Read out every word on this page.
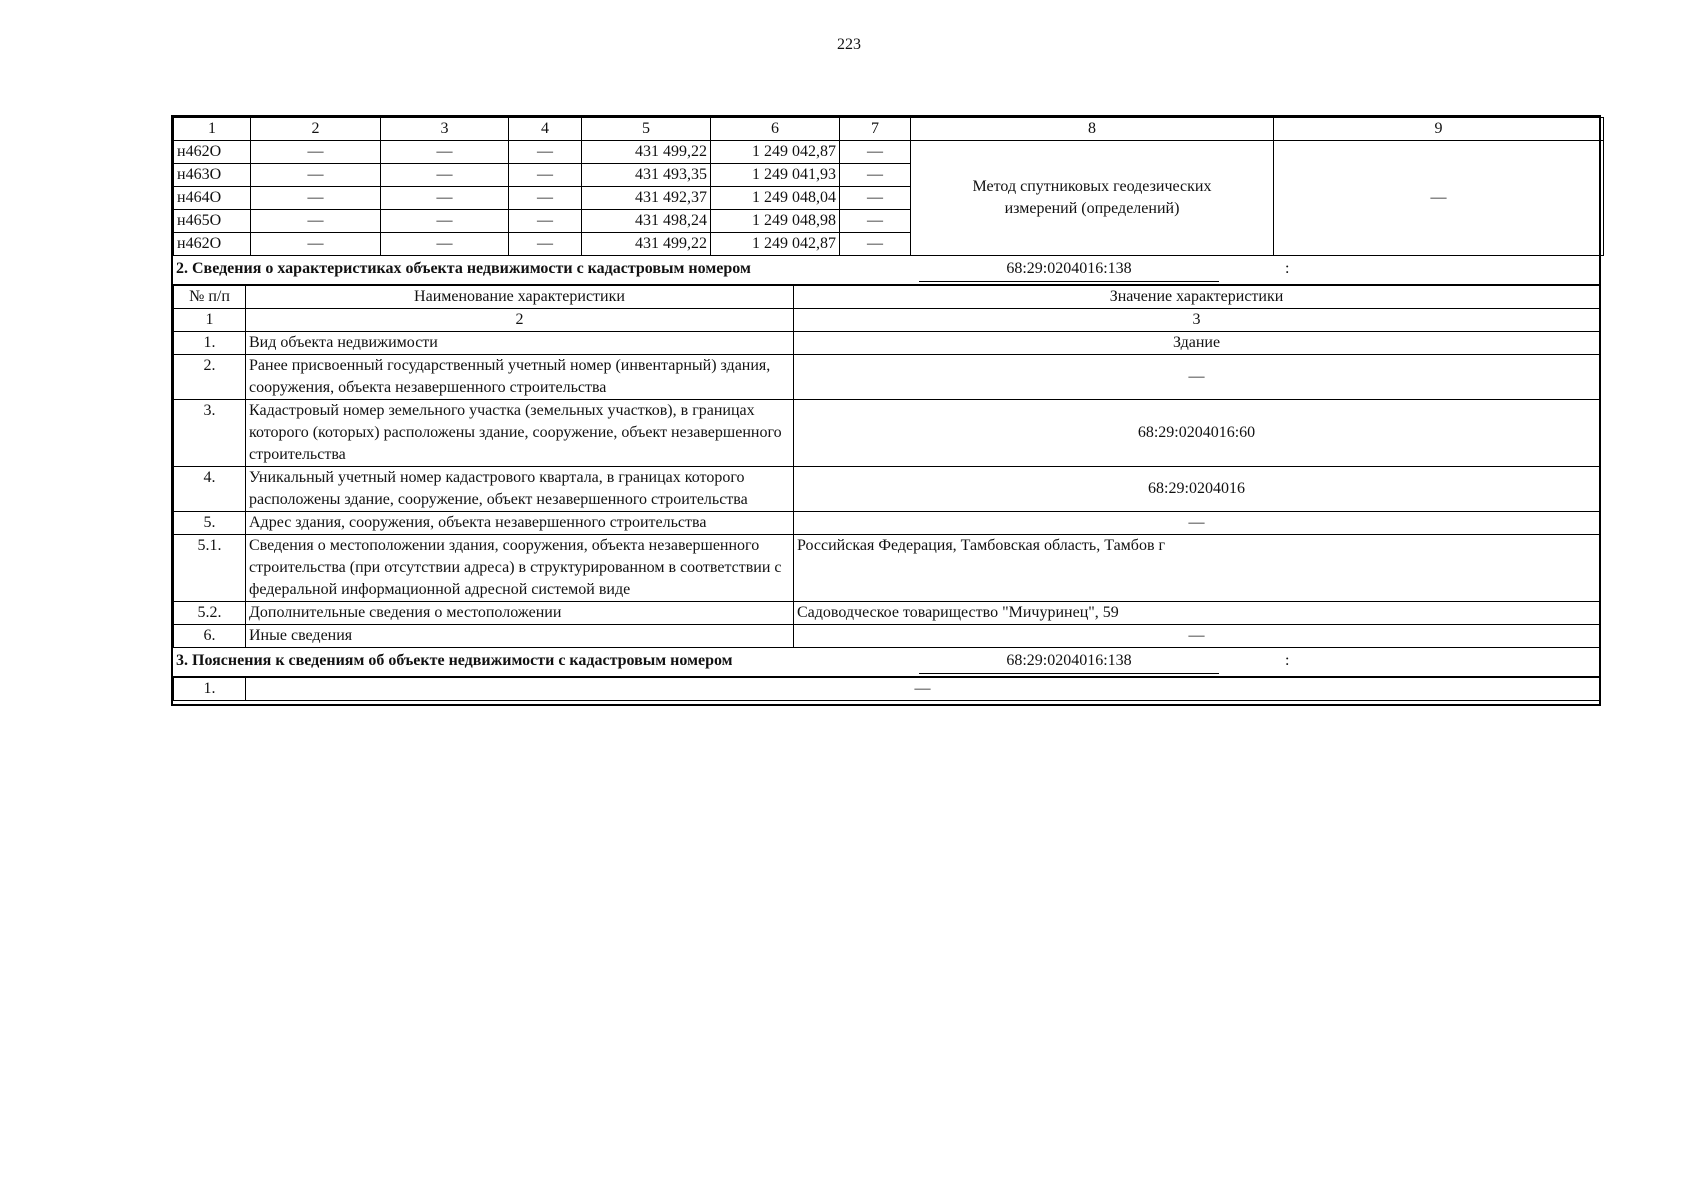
223
1	2	3	4	5	6	7	8	9
н462О	—	—	—	431 499,22	1 249 042,87	—	Метод спутниковых геодезических измерений (определений)	—
н463О	—	—	—	431 493,35	1 249 041,93	—		
н464О	—	—	—	431 492,37	1 249 048,04	—		
н465О	—	—	—	431 498,24	1 249 048,98	—		
н462О	—	—	—	431 499,22	1 249 042,87	—		
2. Сведения о характеристиках объекта недвижимости с кадастровым номером	68:29:0204016:138	:
№ п/п	Наименование характеристики	Значение характеристики
1	2	3
1.	Вид объекта недвижимости	Здание
2.	Ранее присвоенный государственный учетный номер (инвентарный) здания, сооружения, объекта незавершенного строительства	—
3.	Кадастровый номер земельного участка (земельных участков), в границах которого (которых) расположены здание, сооружение, объект незавершенного строительства	68:29:0204016:60
4.	Уникальный учетный номер кадастрового квартала, в границах которого расположены здание, сооружение, объект незавершенного строительства	68:29:0204016
5.	Адрес здания, сооружения, объекта незавершенного строительства	—
5.1.	Сведения о местоположении здания, сооружения, объекта незавершенного строительства (при отсутствии адреса) в структурированном в соответствии с федеральной информационной адресной системой виде	Российская Федерация, Тамбовская область, Тамбов г
5.2.	Дополнительные сведения о местоположении	Садоводческое товарищество "Мичуринец", 59
6.	Иные сведения	—
3. Пояснения к сведениям об объекте недвижимости с кадастровым номером	68:29:0204016:138	:
1.	—
